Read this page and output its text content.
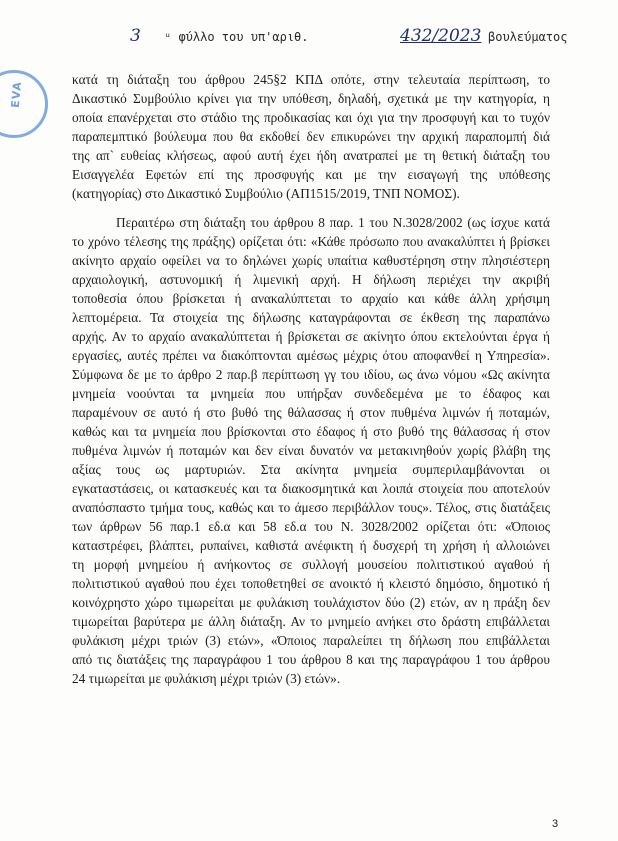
3 ᵘ φύλλο του υπ'αριθ.	432/2023 βουλεύματος
EVA
κατά τη διάταξη του άρθρου 245§2 ΚΠΔ οπότε, στην τελευταία περίπτωση, το
Δικαστικό Συμβούλιο κρίνει για την υπόθεση, δηλαδή, σχετικά με την κατηγορία, η
οποία επανέρχεται στο στάδιο της προδικασίας και όχι για την προσφυγή και το τυχόν
παραπεμπτικό βούλευμα που θα εκδοθεί δεν επικυρώνει την αρχική παραπομπή διά
της απ` ευθείας κλήσεως, αφού αυτή έχει ήδη ανατραπεί με τη θετική διάταξη του
Εισαγγελέα Εφετών επί της προσφυγής και με την εισαγωγή της υπόθεσης
(κατηγορίας) στο Δικαστικό Συμβούλιο (ΑΠ1515/2019, ΤΝΠ ΝΟΜΟΣ).
Περαιτέρω στη διάταξη του άρθρου 8 παρ. 1 του Ν.3028/2002 (ως ίσχυε κατά
το χρόνο τέλεσης της πράξης) ορίζεται ότι: «Κάθε πρόσωπο που ανακαλύπτει ή βρίσκει
ακίνητο αρχαίο οφείλει να το δηλώνει χωρίς υπαίτια καθυστέρηση στην πλησιέστερη
αρχαιολογική, αστυνομική ή λιμενική αρχή. Η δήλωση περιέχει την ακριβή
τοποθεσία όπου βρίσκεται ή ανακαλύπτεται το αρχαίο και κάθε άλλη χρήσιμη
λεπτομέρεια. Τα στοιχεία της δήλωσης καταγράφονται σε έκθεση της παραπάνω
αρχής. Αν το αρχαίο ανακαλύπτεται ή βρίσκεται σε ακίνητο όπου εκτελούνται έργα ή
εργασίες, αυτές πρέπει να διακόπτονται αμέσως μέχρις ότου αποφανθεί η Υπηρεσία».
Σύμφωνα δε με το άρθρο 2 παρ.β περίπτωση γγ του ιδίου, ως άνω νόμου «Ως ακίνητα
μνημεία νοούνται τα μνημεία που υπήρξαν συνδεδεμένα με το έδαφος και
παραμένουν σε αυτό ή στο βυθό της θάλασσας ή στον πυθμένα λιμνών ή ποταμών,
καθώς και τα μνημεία που βρίσκονται στο έδαφος ή στο βυθό της θάλασσας ή στον
πυθμένα λιμνών ή ποταμών και δεν είναι δυνατόν να μετακινηθούν χωρίς βλάβη της
αξίας τους ως μαρτυριών. Στα ακίνητα μνημεία συμπεριλαμβάνονται οι
εγκαταστάσεις, οι κατασκευές και τα διακοσμητικά και λοιπά στοιχεία που αποτελούν
αναπόσπαστο τμήμα τους, καθώς και το άμεσο περιβάλλον τους». Τέλος, στις διατάξεις
των άρθρων 56 παρ.1 εδ.α και 58 εδ.α του Ν. 3028/2002 ορίζεται ότι: «Όποιος
καταστρέφει, βλάπτει, ρυπαίνει, καθιστά ανέφικτη ή δυσχερή τη χρήση ή αλλοιώνει
τη μορφή μνημείου ή ανήκοντος σε συλλογή μουσείου πολιτιστικού αγαθού ή
πολιτιστικού αγαθού που έχει τοποθετηθεί σε ανοικτό ή κλειστό δημόσιο, δημοτικό ή
κοινόχρηστο χώρο τιμωρείται με φυλάκιση τουλάχιστον δύο (2) ετών, αν η πράξη δεν
τιμωρείται βαρύτερα με άλλη διάταξη. Αν το μνημείο ανήκει στο δράστη επιβάλλεται
φυλάκιση μέχρι τριών (3) ετών», «Όποιος παραλείπει τη δήλωση που επιβάλλεται
από τις διατάξεις της παραγράφου 1 του άρθρου 8 και της παραγράφου 1 του άρθρου
24 τιμωρείται με φυλάκιση μέχρι τριών (3) ετών».
3
